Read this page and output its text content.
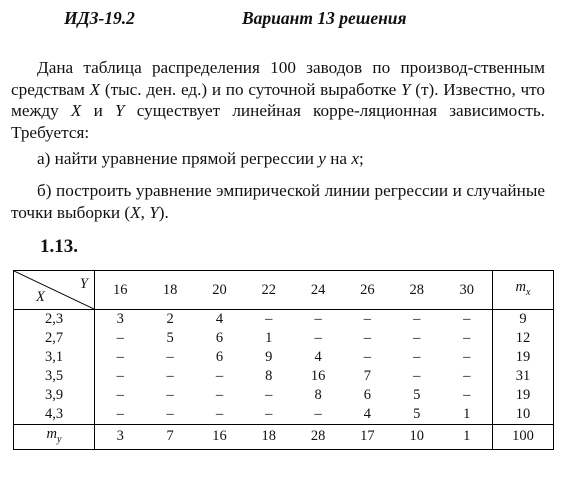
ИДЗ-19.2	Вариант 13 решения
Дана таблица распределения 100 заводов по производ-ственным средствам X (тыс. ден. ед.) и по суточной выработке Y (т). Известно, что между X и Y существует линейная корре-ляционная зависимость. Требуется:
а) найти уравнение прямой регрессии y на x;
б) построить уравнение эмпирической линии регрессии и случайные точки выборки (X, Y).
1.13.
Y
X	16	18	20	22	24	26	28	30	$m_x$
2,3	3	2	4	–	–	–	–	–	9
2,7	–	5	6	1	–	–	–	–	12
3,1	–	–	6	9	4	–	–	–	19
3,5	–	–	–	8	16	7	–	–	31
3,9	–	–	–	–	8	6	5	–	19
4,3	–	–	–	–	–	4	5	1	10
$m_y$	3	7	16	18	28	17	10	1	100
